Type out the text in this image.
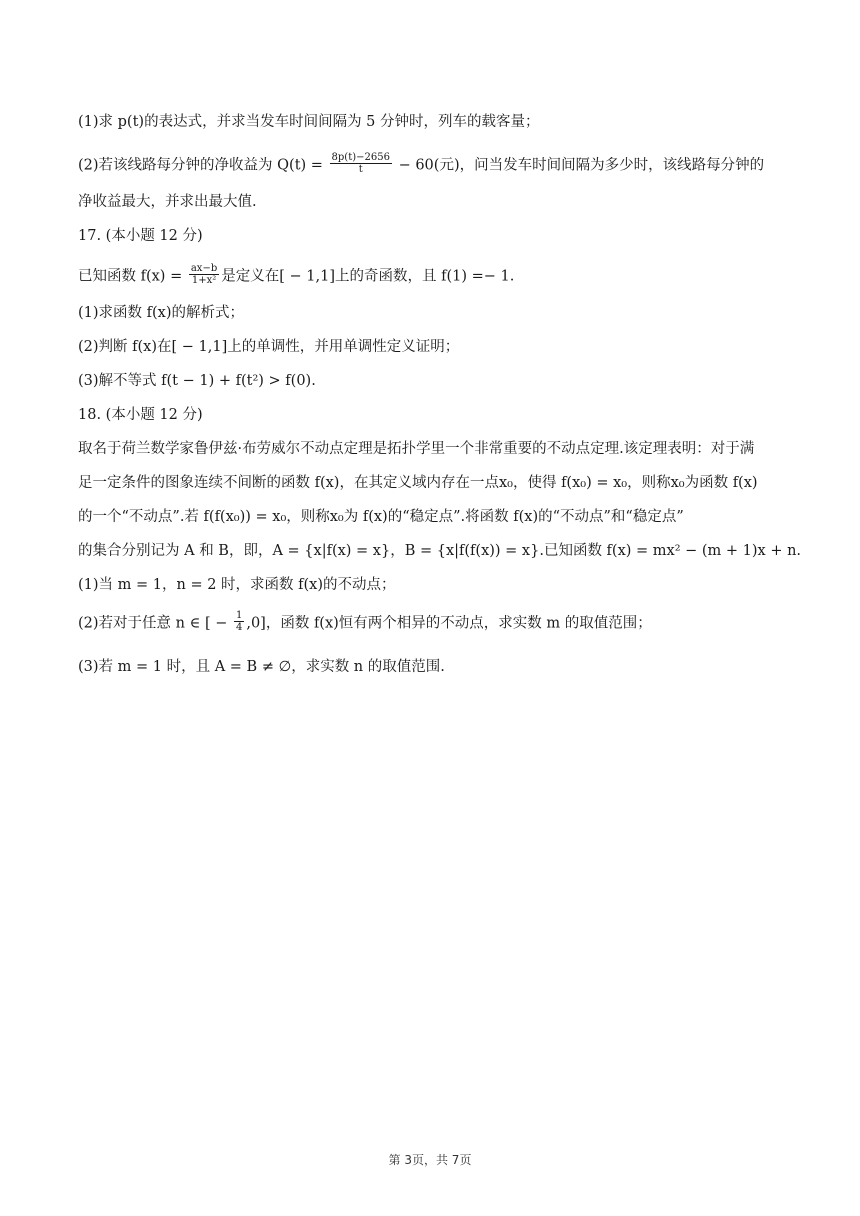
(1)求 p(t)的表达式，并求当发车时间间隔为 5 分钟时，列车的载客量；
(2)若该线路每分钟的净收益为 $Q(t) = \frac{8p(t)-2656}{t} - 60$(元)，问当发车时间间隔为多少时，该线路每分钟的
净收益最大，并求出最大值.
17. (本小题 12 分)
已知函数 $f(x) = \frac{ax-b}{\text{1+x²}}$ 是定义在[ − 1,1]上的奇函数，且 f(1) =− 1.
(1)求函数 f(x)的解析式；
(2)判断 f(x)在[ − 1,1]上的单调性，并用单调性定义证明；
(3)解不等式 f(t − 1) + f(t²) > f(0).
18. (本小题 12 分)
取名于荷兰数学家鲁伊兹·布劳威尔不动点定理是拓扑学里一个非常重要的不动点定理.该定理表明：对于满
足一定条件的图象连续不间断的函数 f(x)，在其定义域内存在一点x₀，使得 f(x₀) = x₀，则称x₀为函数 f(x)
的一个“不动点”.若 f(f(x₀)) = x₀，则称x₀为 f(x)的“稳定点”.将函数 f(x)的“不动点”和“稳定点”
的集合分别记为 A 和 B，即，A = {x|f(x) = x}，B = {x|f(f(x)) = x}.已知函数 f(x) = mx² − (m + 1)x + n.
(1)当 m = 1，n = 2 时，求函数 f(x)的不动点；
(2)若对于任意 n ∈ [ − $\frac{1}{4} ,0$]，函数 f(x)恒有两个相异的不动点，求实数 m 的取值范围；
(3)若 m = 1 时，且 A = B ≠ ∅，求实数 n 的取值范围.
第 3页，共 7页
